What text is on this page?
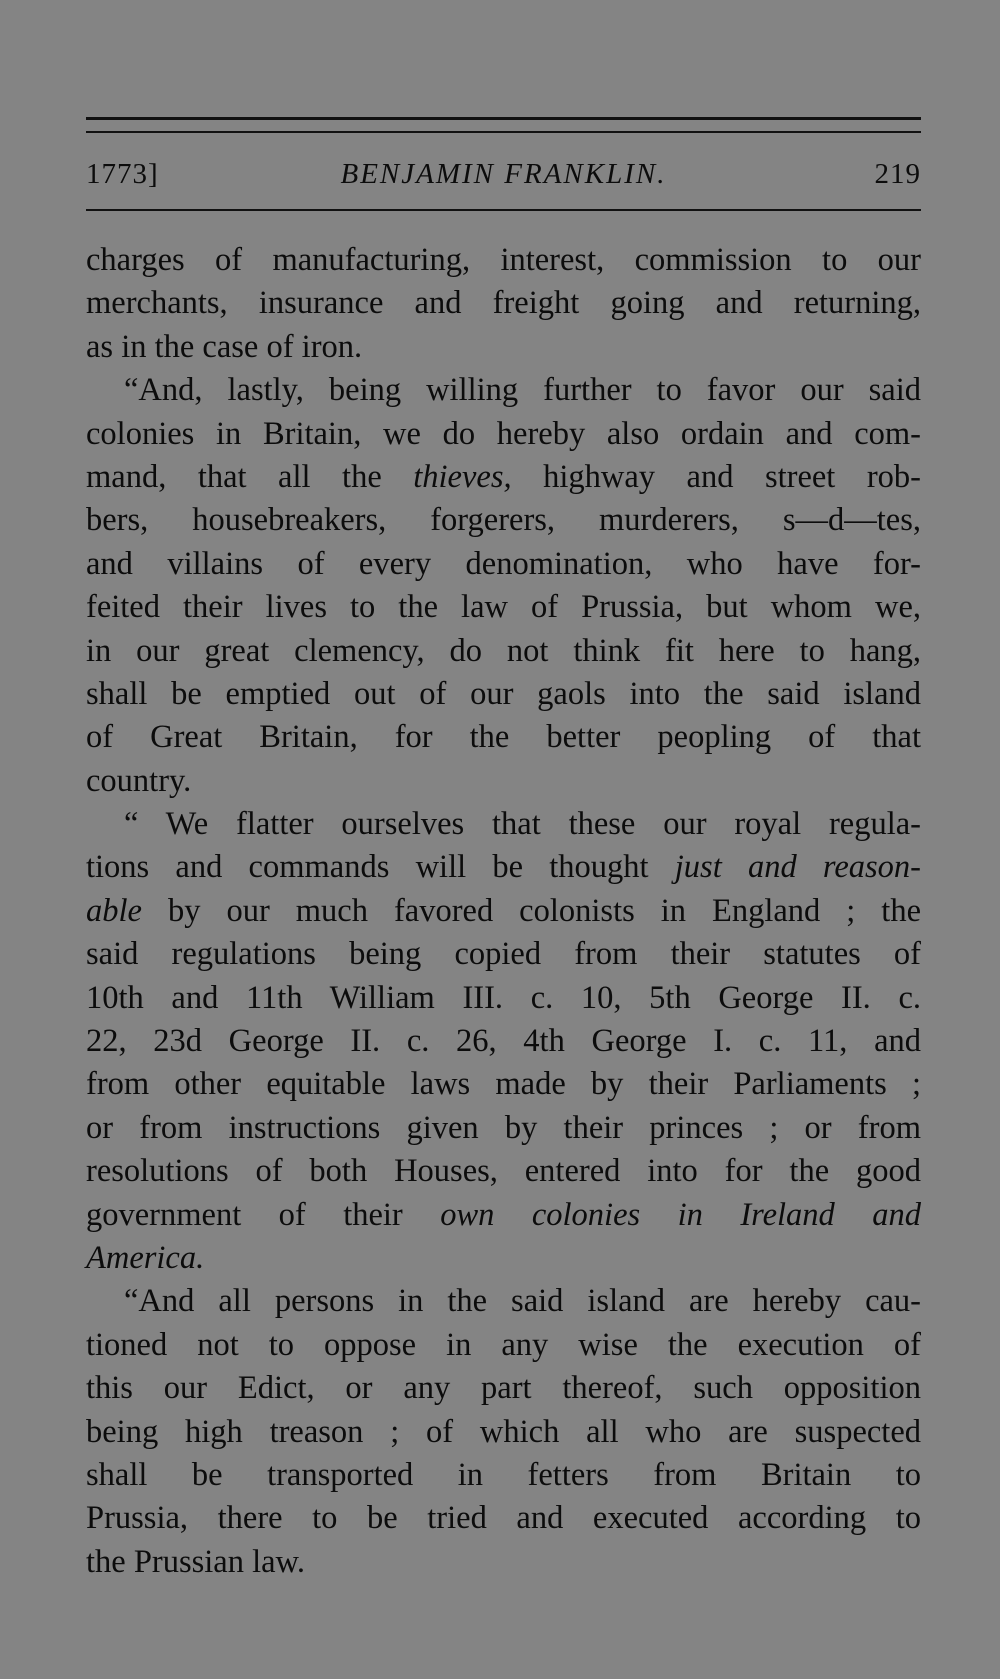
1773]	BENJAMIN FRANKLIN.	219
charges of manufacturing, interest, commission to our
merchants, insurance and freight going and returning,
as in the case of iron.
“And, lastly, being willing further to favor our said
colonies in Britain, we do hereby also ordain and com-
mand, that all the thieves, highway and street rob-
bers, housebreakers, forgerers, murderers, s—d—tes,
and villains of every denomination, who have for-
feited their lives to the law of Prussia, but whom we,
in our great clemency, do not think fit here to hang,
shall be emptied out of our gaols into the said island
of Great Britain, for the better peopling of that
country.
“ We flatter ourselves that these our royal regula-
tions and commands will be thought just and reason-
able by our much favored colonists in England ; the
said regulations being copied from their statutes of
10th and 11th William III. c. 10, 5th George II. c.
22, 23d George II. c. 26, 4th George I. c. 11, and
from other equitable laws made by their Parliaments ;
or from instructions given by their princes ; or from
resolutions of both Houses, entered into for the good
government of their own colonies in Ireland and
America.
“And all persons in the said island are hereby cau-
tioned not to oppose in any wise the execution of
this our Edict, or any part thereof, such opposition
being high treason ; of which all who are suspected
shall be transported in fetters from Britain to
Prussia, there to be tried and executed according to
the Prussian law.
